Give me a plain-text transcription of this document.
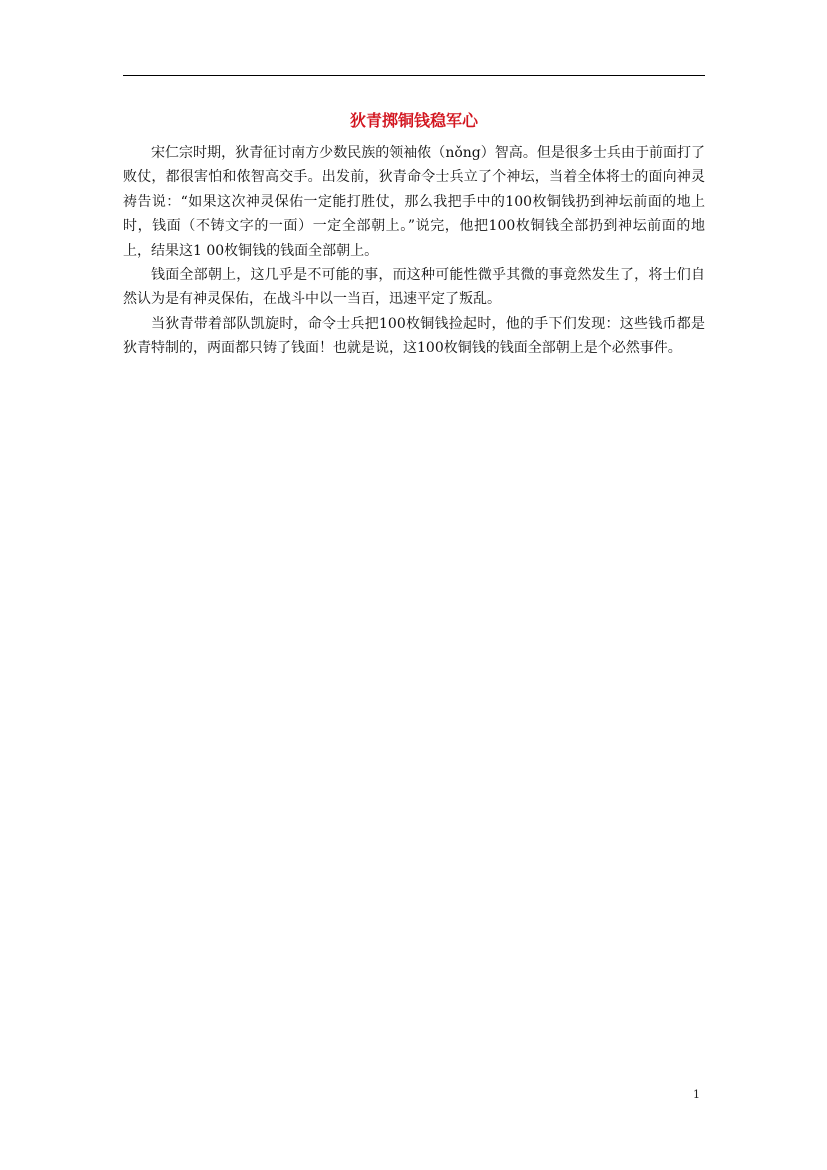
狄青掷铜钱稳军心

宋仁宗时期，狄青征讨南方少数民族的领袖侬（nǒng）智高。但是很多士兵由于前面打了败仗，都很害怕和侬智高交手。出发前，狄青命令士兵立了个神坛，当着全体将士的面向神灵祷告说：“如果这次神灵保佑一定能打胜仗，那么我把手中的100枚铜钱扔到神坛前面的地上时，钱面（不铸文字的一面）一定全部朝上。”说完，他把100枚铜钱全部扔到神坛前面的地上，结果这1 00枚铜钱的钱面全部朝上。

钱面全部朝上，这几乎是不可能的事，而这种可能性微乎其微的事竟然发生了，将士们自然认为是有神灵保佑，在战斗中以一当百，迅速平定了叛乱。

当狄青带着部队凯旋时，命令士兵把100枚铜钱捡起时，他的手下们发现：这些钱币都是狄青特制的，两面都只铸了钱面！也就是说，这100枚铜钱的钱面全部朝上是个必然事件。

1
